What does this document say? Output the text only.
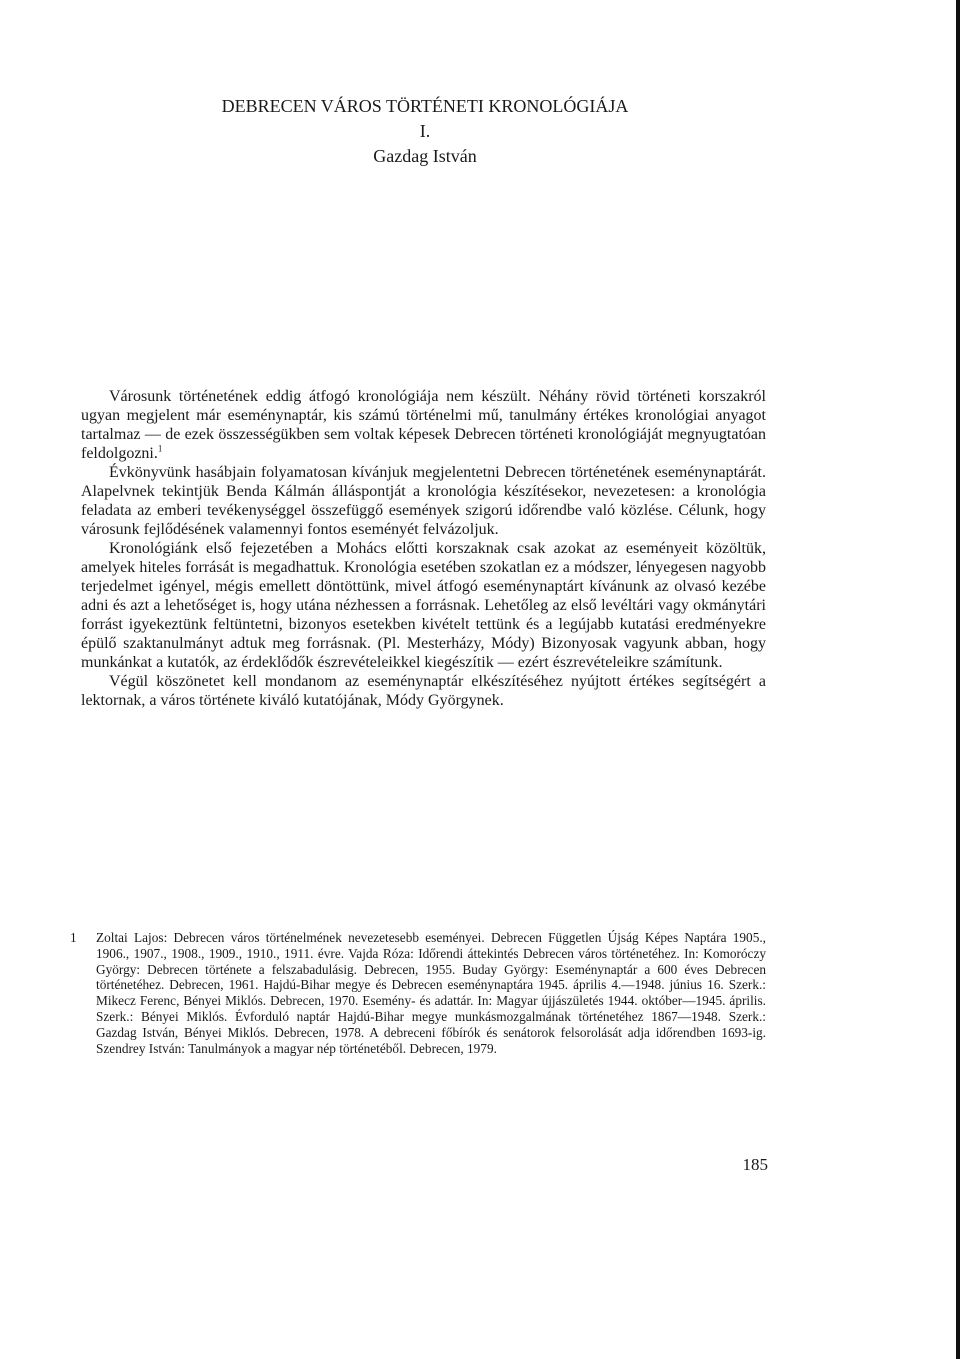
DEBRECEN VÁROS TÖRTÉNETI KRONOLÓGIÁJA
I.
Gazdag István

Városunk történetének eddig átfogó kronológiája nem készült. Néhány rövid történeti korszakról ugyan megjelent már eseménynaptár, kis számú történelmi mű, tanulmány értékes kronológiai anyagot tartalmaz — de ezek összességükben sem voltak képesek Debrecen történeti kronológiáját megnyugtatóan feldolgozni.$^1$

Évkönyvünk hasábjain folyamatosan kívánjuk megjelentetni Debrecen történetének eseménynaptárát. Alapelvnek tekintjük Benda Kálmán álláspontját a kronológia készítésekor, nevezetesen: a kronológia feladata az emberi tevékenységgel összefüggő események szigorú időrendbe való közlése. Célunk, hogy városunk fejlődésének valamennyi fontos eseményét felvázoljuk.

Kronológiánk első fejezetében a Mohács előtti korszaknak csak azokat az eseményeit közöltük, amelyek hiteles forrását is megadhattuk. Kronológia esetében szokatlan ez a módszer, lényegesen nagyobb terjedelmet igényel, mégis emellett döntöttünk, mivel átfogó eseménynaptárt kívánunk az olvasó kezébe adni és azt a lehetőséget is, hogy utána nézhessen a forrásnak. Lehetőleg az első levéltári vagy okmánytári forrást igyekeztünk feltüntetni, bizonyos esetekben kivételt tettünk és a legújabb kutatási eredményekre épülő szaktanulmányt adtuk meg forrásnak. (Pl. Mesterházy, Módy) Bizonyosak vagyunk abban, hogy munkánkat a kutatók, az érdeklődők észrevételeikkel kiegészítik — ezért észrevételeikre számítunk.

Végül köszönetet kell mondanom az eseménynaptár elkészítéséhez nyújtott értékes segítségért a lektornak, a város története kiváló kutatójának, Módy Györgynek.

1	Zoltai Lajos: Debrecen város történelmének nevezetesebb eseményei. Debrecen Független Újság Képes Naptára 1905., 1906., 1907., 1908., 1909., 1910., 1911. évre. Vajda Róza: Időrendi áttekintés Debrecen város történetéhez. In: Komoróczy György: Debrecen története a felszabadulásig. Debrecen, 1955. Buday György: Eseménynaptár a 600 éves Debrecen történetéhez. Debrecen, 1961. Hajdú-Bihar megye és Debrecen eseménynaptára 1945. április 4.—1948. június 16. Szerk.: Mikecz Ferenc, Bényei Miklós. Debrecen, 1970. Esemény- és adattár. In: Magyar újjászületés 1944. október—1945. április. Szerk.: Bényei Miklós. Évforduló naptár Hajdú-Bihar megye munkásmozgalmának történetéhez 1867—1948. Szerk.: Gazdag István, Bényei Miklós. Debrecen, 1978. A debreceni főbírók és senátorok felsorolását adja időrendben 1693-ig. Szendrey István: Tanulmányok a magyar nép történetéből. Debrecen, 1979.
185
